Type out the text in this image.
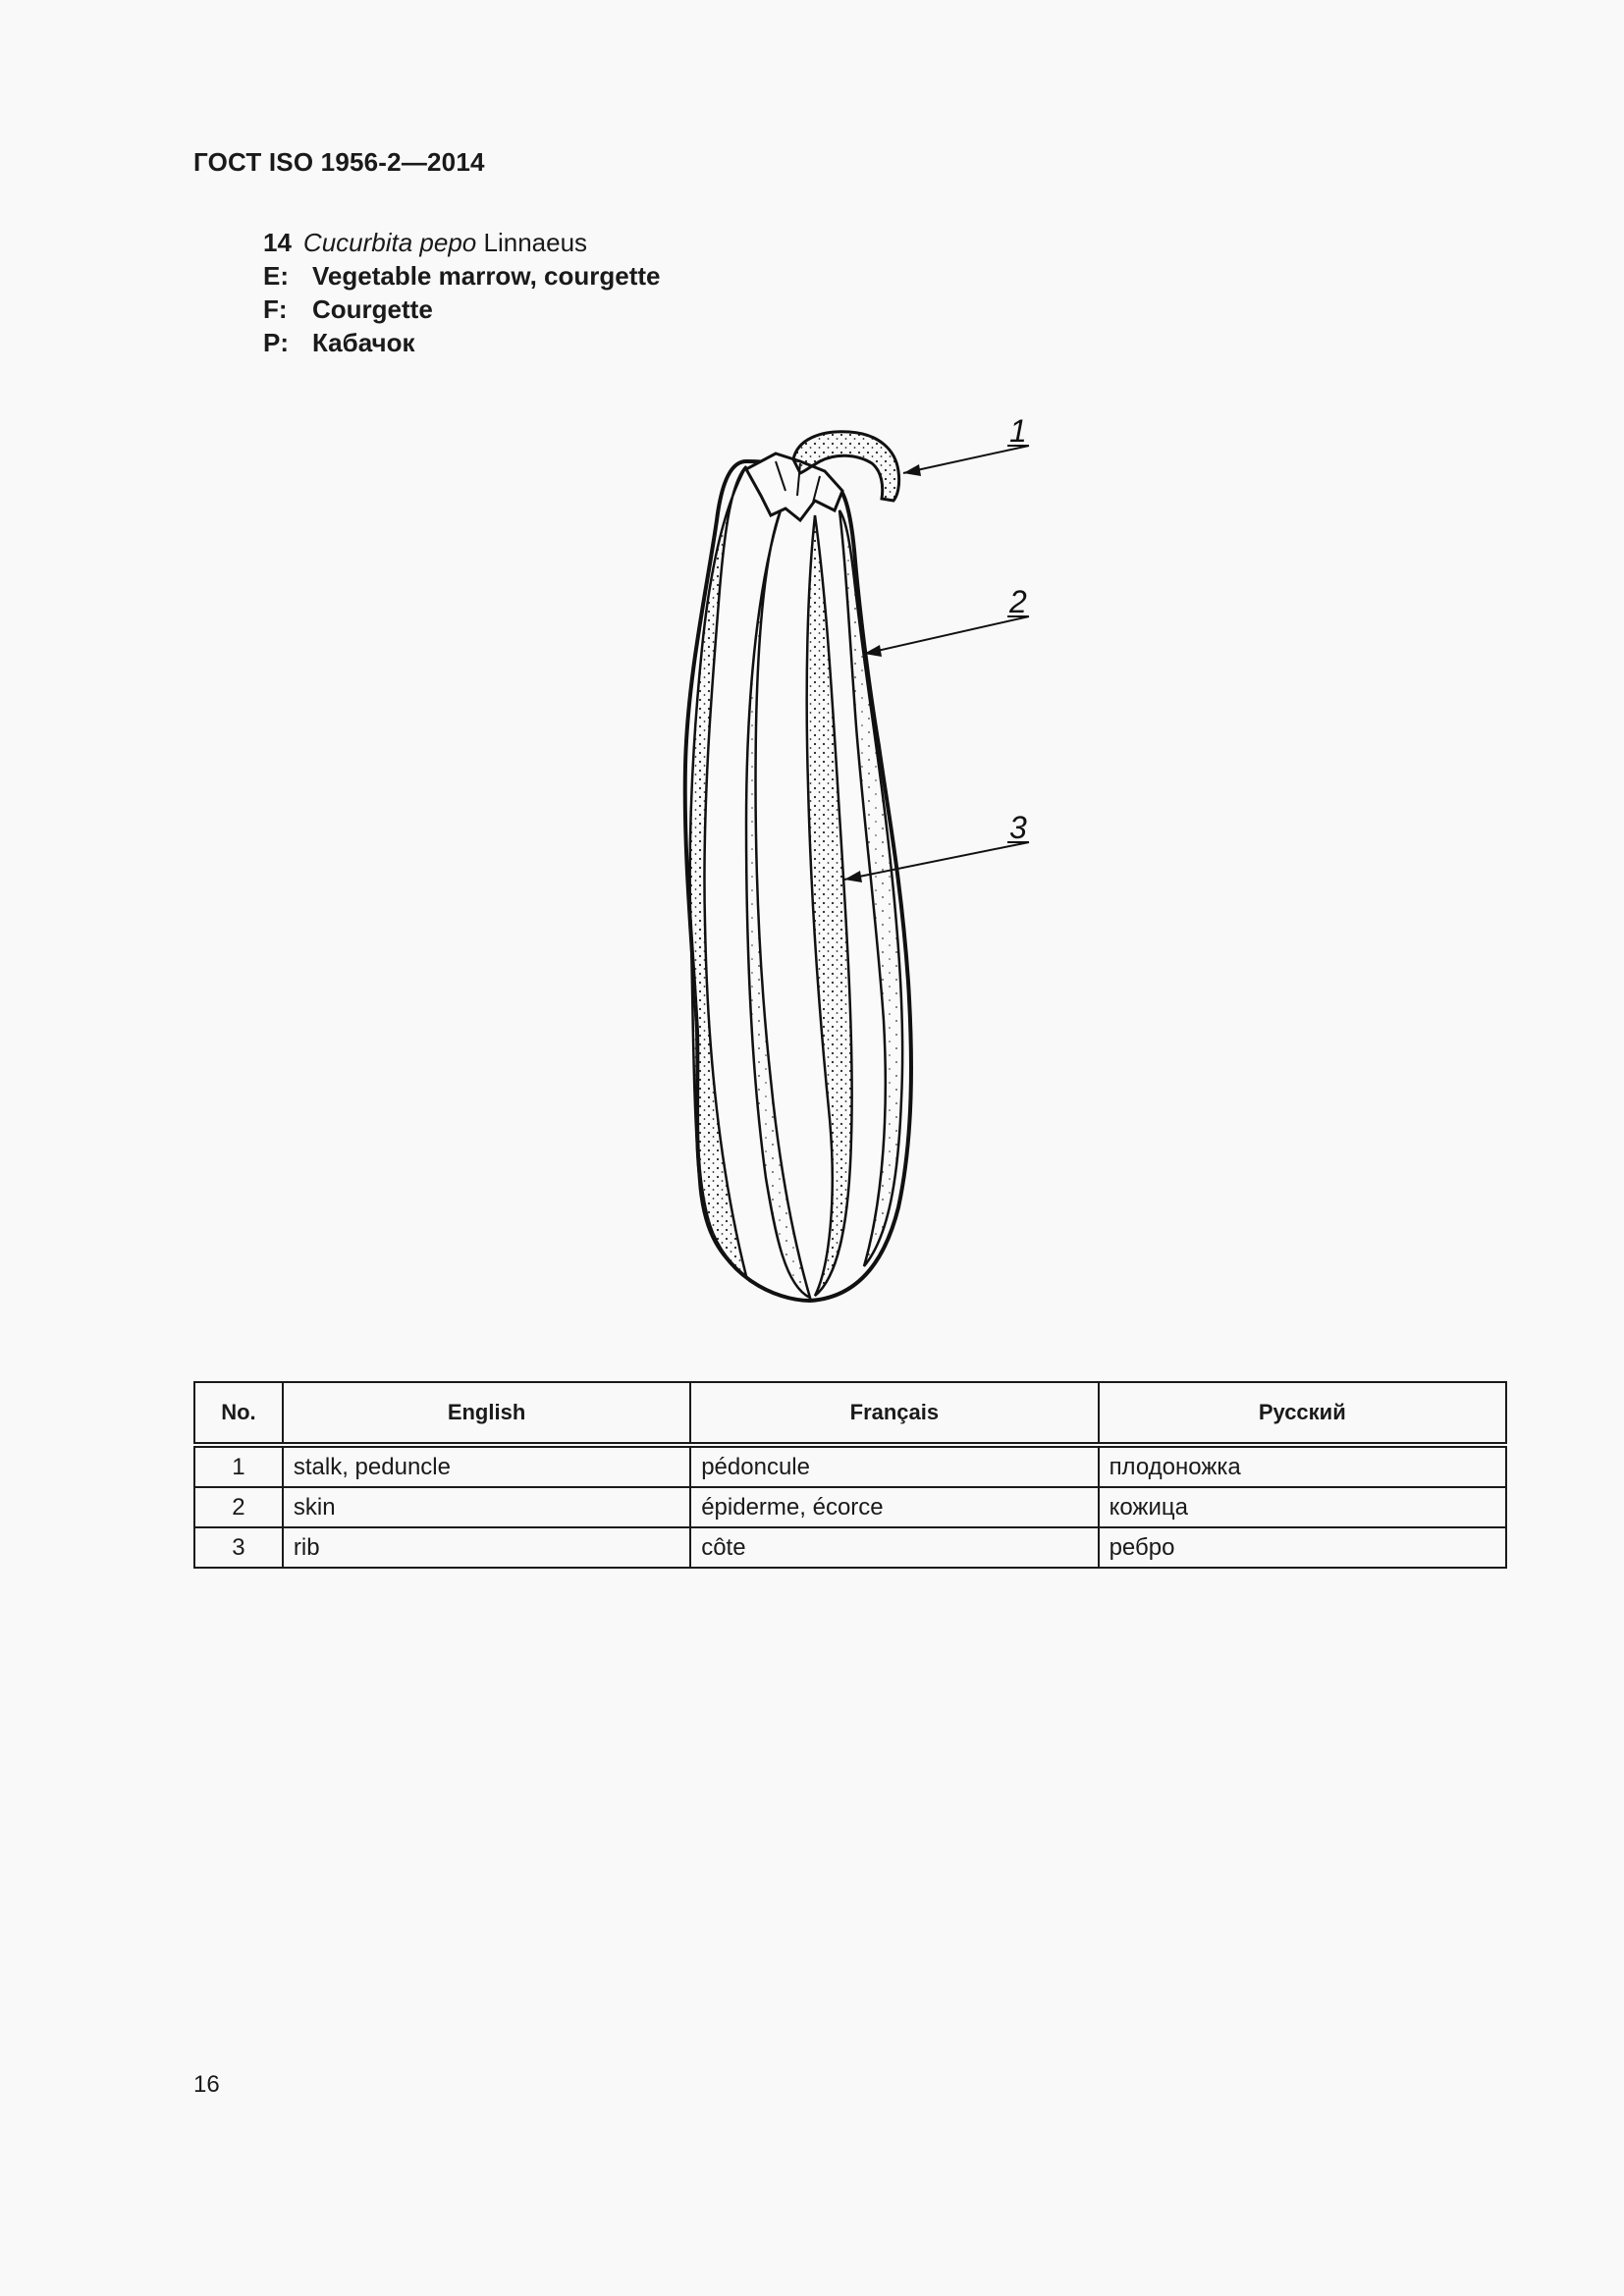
ГОСТ ISO 1956-2—2014
14 Cucurbita pepo Linnaeus
E: Vegetable marrow, courgette
F: Courgette
P: Кабачок
1
2
3
No.	English	Français	Русский
1	stalk, peduncle	pédoncule	плодоножка
2	skin	épiderme, écorce	кожица
3	rib	côte	ребро
16
